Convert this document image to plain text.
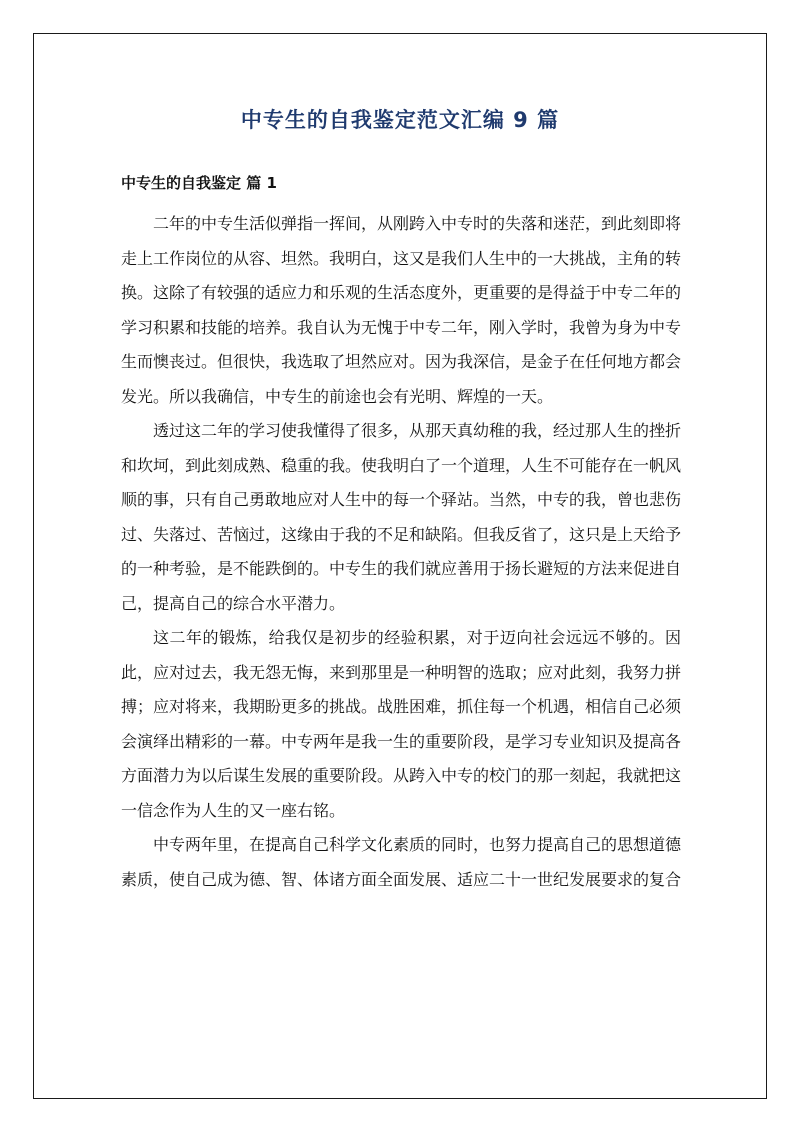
中专生的自我鉴定范文汇编 9 篇
中专生的自我鉴定 篇 1

二年的中专生活似弹指一挥间，从刚跨入中专时的失落和迷茫，到此刻即将走上工作岗位的从容、坦然。我明白，这又是我们人生中的一大挑战，主角的转换。这除了有较强的适应力和乐观的生活态度外，更重要的是得益于中专二年的学习积累和技能的培养。我自认为无愧于中专二年，刚入学时，我曾为身为中专生而懊丧过。但很快，我选取了坦然应对。因为我深信，是金子在任何地方都会发光。所以我确信，中专生的前途也会有光明、辉煌的一天。

透过这二年的学习使我懂得了很多，从那天真幼稚的我，经过那人生的挫折和坎坷，到此刻成熟、稳重的我。使我明白了一个道理，人生不可能存在一帆风顺的事，只有自己勇敢地应对人生中的每一个驿站。当然，中专的我，曾也悲伤过、失落过、苦恼过，这缘由于我的不足和缺陷。但我反省了，这只是上天给予的一种考验，是不能跌倒的。中专生的我们就应善用于扬长避短的方法来促进自己，提高自己的综合水平潜力。

这二年的锻炼，给我仅是初步的经验积累，对于迈向社会远远不够的。因此，应对过去，我无怨无悔，来到那里是一种明智的选取；应对此刻，我努力拼搏；应对将来，我期盼更多的挑战。战胜困难，抓住每一个机遇，相信自己必须会演绎出精彩的一幕。中专两年是我一生的重要阶段，是学习专业知识及提高各方面潜力为以后谋生发展的重要阶段。从跨入中专的校门的那一刻起，我就把这一信念作为人生的又一座右铭。

中专两年里，在提高自己科学文化素质的同时，也努力提高自己的思想道德素质，使自己成为德、智、体诸方面全面发展、适应二十一世纪发展要求的复合
